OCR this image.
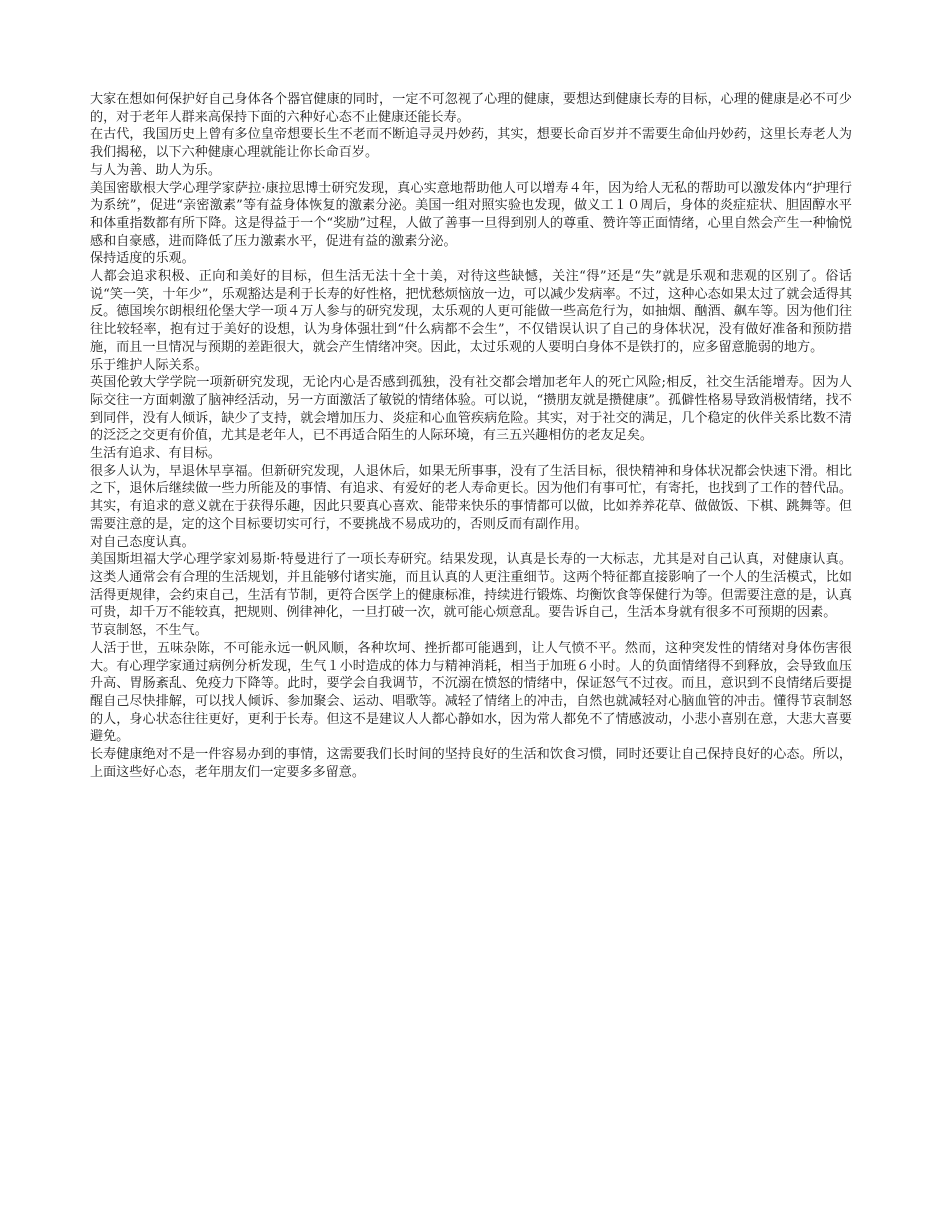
大家在想如何保护好自己身体各个器官健康的同时，一定不可忽视了心理的健康，要想达到健康长寿的目标，心理的健康是必不可少的，对于老年人群来高保持下面的六种好心态不止健康还能长寿。

在古代，我国历史上曾有多位皇帝想要长生不老而不断追寻灵丹妙药，其实，想要长命百岁并不需要生命仙丹妙药，这里长寿老人为我们揭秘，以下六种健康心理就能让你长命百岁。

与人为善、助人为乐。

美国密歇根大学心理学家萨拉·康拉思博士研究发现，真心实意地帮助他人可以增寿４年，因为给人无私的帮助可以激发体内“护理行为系统”，促进“亲密激素”等有益身体恢复的激素分泌。美国一组对照实验也发现，做义工１０周后，身体的炎症症状、胆固醇水平和体重指数都有所下降。这是得益于一个“奖励”过程，人做了善事一旦得到别人的尊重、赞许等正面情绪，心里自然会产生一种愉悦感和自豪感，进而降低了压力激素水平，促进有益的激素分泌。

保持适度的乐观。

人都会追求积极、正向和美好的目标，但生活无法十全十美，对待这些缺憾，关注“得”还是“失”就是乐观和悲观的区别了。俗话说“笑一笑，十年少”，乐观豁达是利于长寿的好性格，把忧愁烦恼放一边，可以减少发病率。不过，这种心态如果太过了就会适得其反。德国埃尔朗根纽伦堡大学一项４万人参与的研究发现，太乐观的人更可能做一些高危行为，如抽烟、酗酒、飙车等。因为他们往往比较轻率，抱有过于美好的设想，认为身体强壮到“什么病都不会生”，不仅错误认识了自己的身体状况，没有做好准备和预防措施，而且一旦情况与预期的差距很大，就会产生情绪冲突。因此，太过乐观的人要明白身体不是铁打的，应多留意脆弱的地方。

乐于维护人际关系。

英国伦敦大学学院一项新研究发现，无论内心是否感到孤独，没有社交都会增加老年人的死亡风险;相反，社交生活能增寿。因为人际交往一方面刺激了脑神经活动，另一方面激活了敏锐的情绪体验。可以说，“攒朋友就是攒健康”。孤僻性格易导致消极情绪，找不到同伴，没有人倾诉，缺少了支持，就会增加压力、炎症和心血管疾病危险。其实，对于社交的满足，几个稳定的伙伴关系比数不清的泛泛之交更有价值，尤其是老年人，已不再适合陌生的人际环境，有三五兴趣相仿的老友足矣。

生活有追求、有目标。

很多人认为，早退休早享福。但新研究发现，人退休后，如果无所事事，没有了生活目标，很快精神和身体状况都会快速下滑。相比之下，退休后继续做一些力所能及的事情、有追求、有爱好的老人寿命更长。因为他们有事可忙，有寄托，也找到了工作的替代品。其实，有追求的意义就在于获得乐趣，因此只要真心喜欢、能带来快乐的事情都可以做，比如养养花草、做做饭、下棋、跳舞等。但需要注意的是，定的这个目标要切实可行，不要挑战不易成功的，否则反而有副作用。

对自己态度认真。

美国斯坦福大学心理学家刘易斯·特曼进行了一项长寿研究。结果发现，认真是长寿的一大标志，尤其是对自己认真，对健康认真。这类人通常会有合理的生活规划，并且能够付诸实施，而且认真的人更注重细节。这两个特征都直接影响了一个人的生活模式，比如活得更规律，会约束自己，生活有节制，更符合医学上的健康标准，持续进行锻炼、均衡饮食等保健行为等。但需要注意的是，认真可贵，却千万不能较真，把规则、例律神化，一旦打破一次，就可能心烦意乱。要告诉自己，生活本身就有很多不可预期的因素。

节哀制怒，不生气。

人活于世，五味杂陈，不可能永远一帆风顺，各种坎坷、挫折都可能遇到，让人气愤不平。然而，这种突发性的情绪对身体伤害很大。有心理学家通过病例分析发现，生气１小时造成的体力与精神消耗，相当于加班６小时。人的负面情绪得不到释放，会导致血压升高、胃肠紊乱、免疫力下降等。此时，要学会自我调节，不沉溺在愤怒的情绪中，保证怒气不过夜。而且，意识到不良情绪后要提醒自己尽快排解，可以找人倾诉、参加聚会、运动、唱歌等。减轻了情绪上的冲击，自然也就减轻对心脑血管的冲击。懂得节哀制怒的人，身心状态往往更好，更利于长寿。但这不是建议人人都心静如水，因为常人都免不了情感波动，小悲小喜别在意，大悲大喜要避免。

长寿健康绝对不是一件容易办到的事情，这需要我们长时间的坚持良好的生活和饮食习惯，同时还要让自己保持良好的心态。所以，上面这些好心态，老年朋友们一定要多多留意。
